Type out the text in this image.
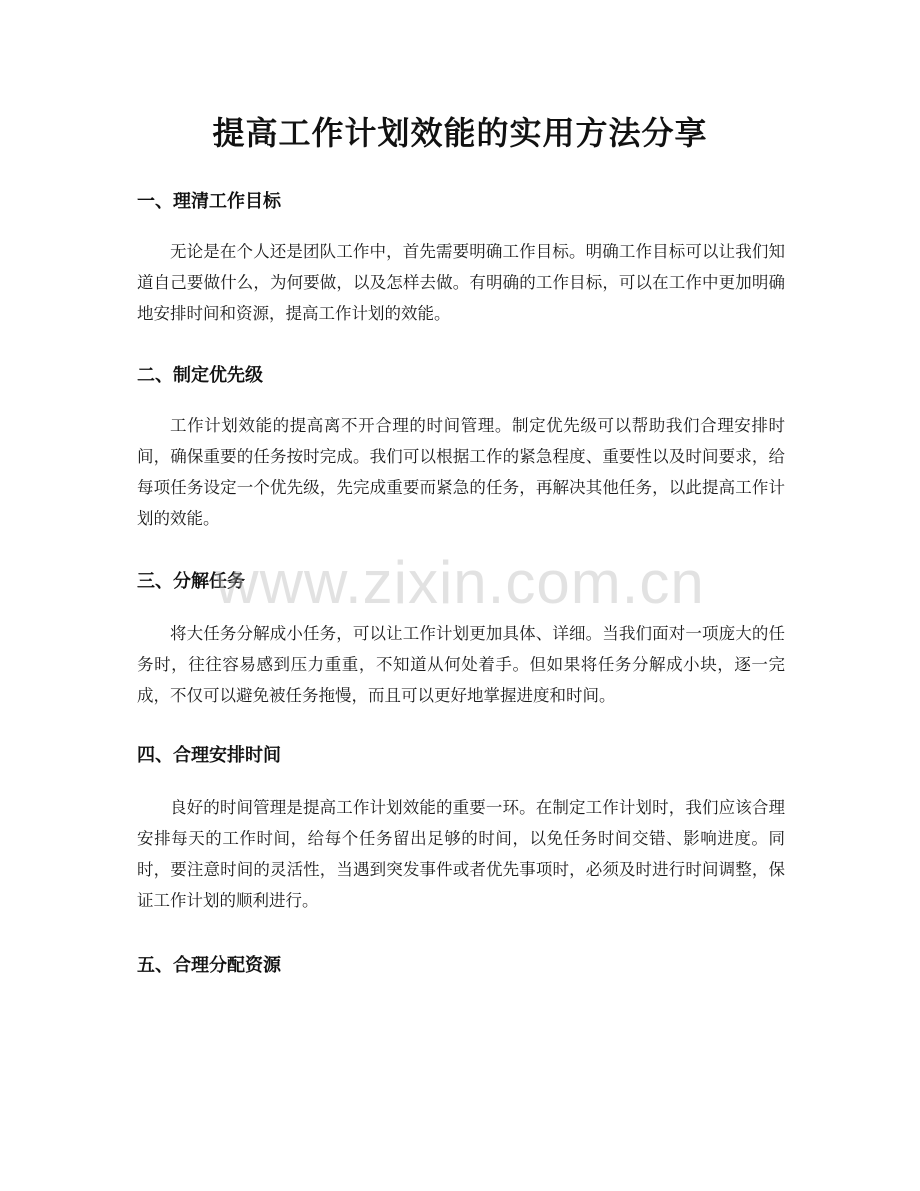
提高工作计划效能的实用方法分享
一、理清工作目标

无论是在个人还是团队工作中，首先需要明确工作目标。明确工作目标可以让我们知道自己要做什么，为何要做，以及怎样去做。有明确的工作目标，可以在工作中更加明确地安排时间和资源，提高工作计划的效能。

二、制定优先级

工作计划效能的提高离不开合理的时间管理。制定优先级可以帮助我们合理安排时间，确保重要的任务按时完成。我们可以根据工作的紧急程度、重要性以及时间要求，给每项任务设定一个优先级，先完成重要而紧急的任务，再解决其他任务，以此提高工作计划的效能。

三、分解任务

将大任务分解成小任务，可以让工作计划更加具体、详细。当我们面对一项庞大的任务时，往往容易感到压力重重，不知道从何处着手。但如果将任务分解成小块，逐一完成，不仅可以避免被任务拖慢，而且可以更好地掌握进度和时间。

四、合理安排时间

良好的时间管理是提高工作计划效能的重要一环。在制定工作计划时，我们应该合理安排每天的工作时间，给每个任务留出足够的时间，以免任务时间交错、影响进度。同时，要注意时间的灵活性，当遇到突发事件或者优先事项时，必须及时进行时间调整，保证工作计划的顺利进行。

五、合理分配资源
www.zixin.com.cn
